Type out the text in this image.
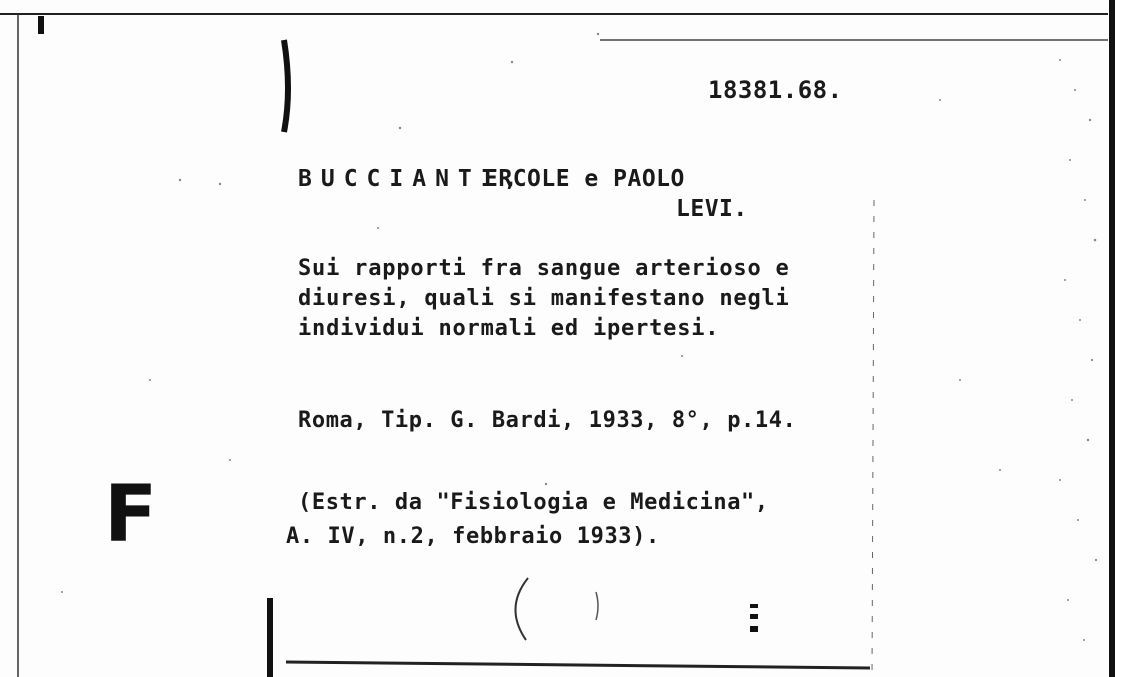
18381.68.
BUCCIANTI,
ERCOLE e PAOLO
LEVI.
Sui rapporti fra sangue arterioso e
diuresi, quali si manifestano negli
individui normali ed ipertesi.
Roma, Tip. G. Bardi, 1933, 8°, p.14.
(Estr. da "Fisiologia e Medicina",
A. IV, n.2, febbraio 1933).
F
